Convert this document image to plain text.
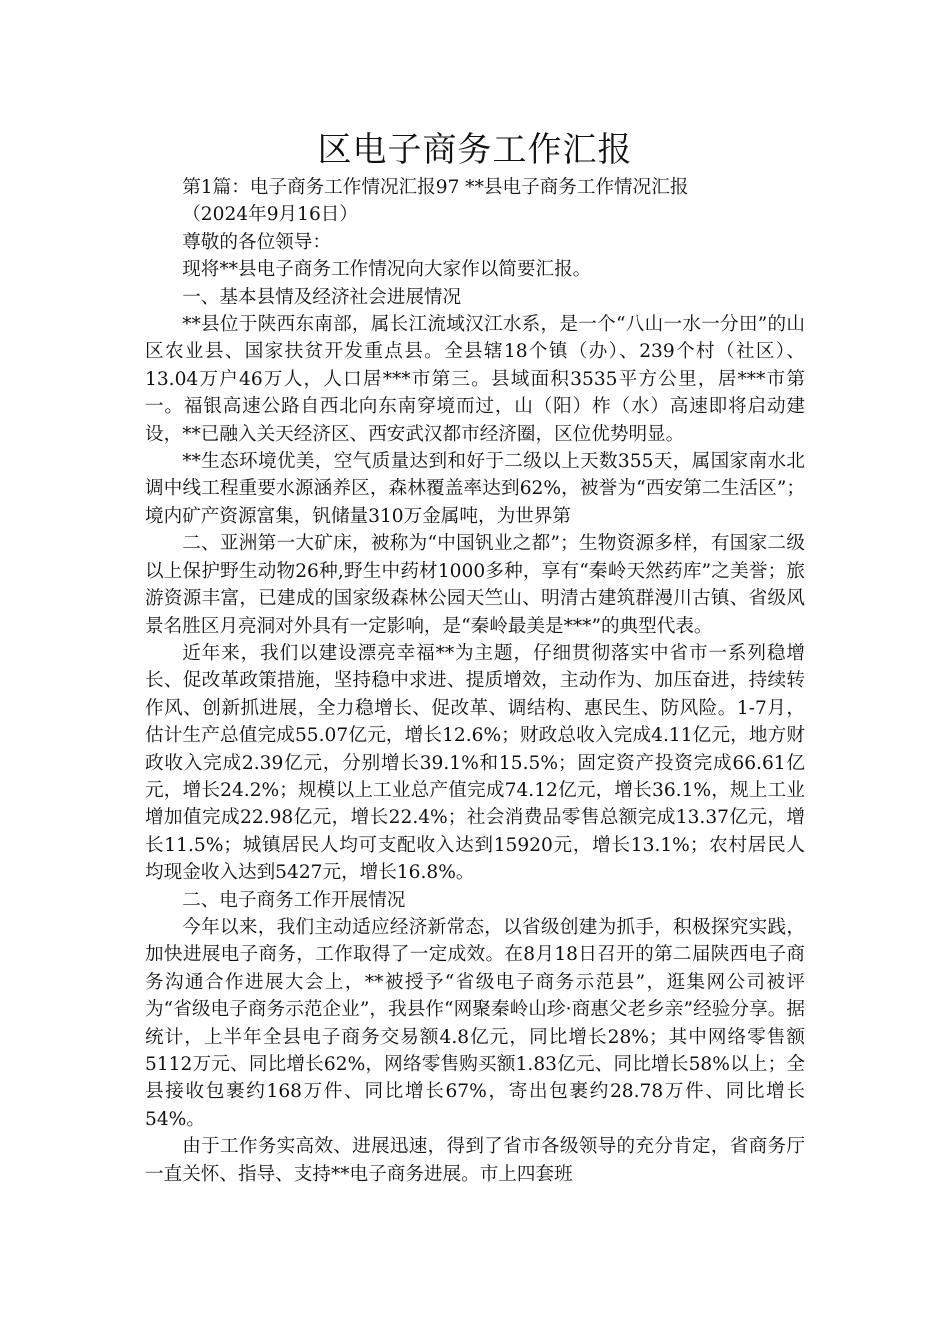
区电子商务工作汇报

第1篇：电子商务工作情况汇报97 **县电子商务工作情况汇报

（2024年9月16日）

尊敬的各位领导：

现将**县电子商务工作情况向大家作以简要汇报。

一、基本县情及经济社会进展情况

**县位于陕西东南部，属长江流域汉江水系，是一个“八山一水一分田”的山区农业县、国家扶贫开发重点县。全县辖18个镇（办）、239个村（社区）、13.04万户46万人，人口居***市第三。县域面积3535平方公里，居***市第一。福银高速公路自西北向东南穿境而过，山（阳）柞（水）高速即将启动建设，**已融入关天经济区、西安武汉都市经济圈，区位优势明显。

**生态环境优美，空气质量达到和好于二级以上天数355天，属国家南水北调中线工程重要水源涵养区，森林覆盖率达到62%，被誉为“西安第二生活区”；境内矿产资源富集，钒储量310万金属吨，为世界第

二、亚洲第一大矿床，被称为“中国钒业之都”；生物资源多样，有国家二级以上保护野生动物26种,野生中药材1000多种，享有“秦岭天然药库”之美誉；旅游资源丰富，已建成的国家级森林公园天竺山、明清古建筑群漫川古镇、省级风景名胜区月亮洞对外具有一定影响，是“秦岭最美是***”的典型代表。

近年来，我们以建设漂亮幸福**为主题，仔细贯彻落实中省市一系列稳增长、促改革政策措施，坚持稳中求进、提质增效，主动作为、加压奋进，持续转作风、创新抓进展，全力稳增长、促改革、调结构、惠民生、防风险。1-7月，估计生产总值完成55.07亿元，增长12.6%；财政总收入完成4.11亿元，地方财政收入完成2.39亿元，分别增长39.1%和15.5%；固定资产投资完成66.61亿元，增长24.2%；规模以上工业总产值完成74.12亿元，增长36.1%，规上工业增加值完成22.98亿元，增长22.4%；社会消费品零售总额完成13.37亿元，增长11.5%；城镇居民人均可支配收入达到15920元，增长13.1%；农村居民人均现金收入达到5427元，增长16.8%。

二、电子商务工作开展情况

今年以来，我们主动适应经济新常态，以省级创建为抓手，积极探究实践，加快进展电子商务，工作取得了一定成效。在8月18日召开的第二届陕西电子商务沟通合作进展大会上，**被授予“省级电子商务示范县”，逛集网公司被评为“省级电子商务示范企业”，我县作“网聚秦岭山珍·商惠父老乡亲”经验分享。据统计，上半年全县电子商务交易额4.8亿元，同比增长28%；其中网络零售额5112万元、同比增长62%，网络零售购买额1.83亿元、同比增长58%以上；全县接收包裹约168万件、同比增长67%，寄出包裹约28.78万件、同比增长54%。

由于工作务实高效、进展迅速，得到了省市各级领导的充分肯定，省商务厅一直关怀、指导、支持**电子商务进展。市上四套班
